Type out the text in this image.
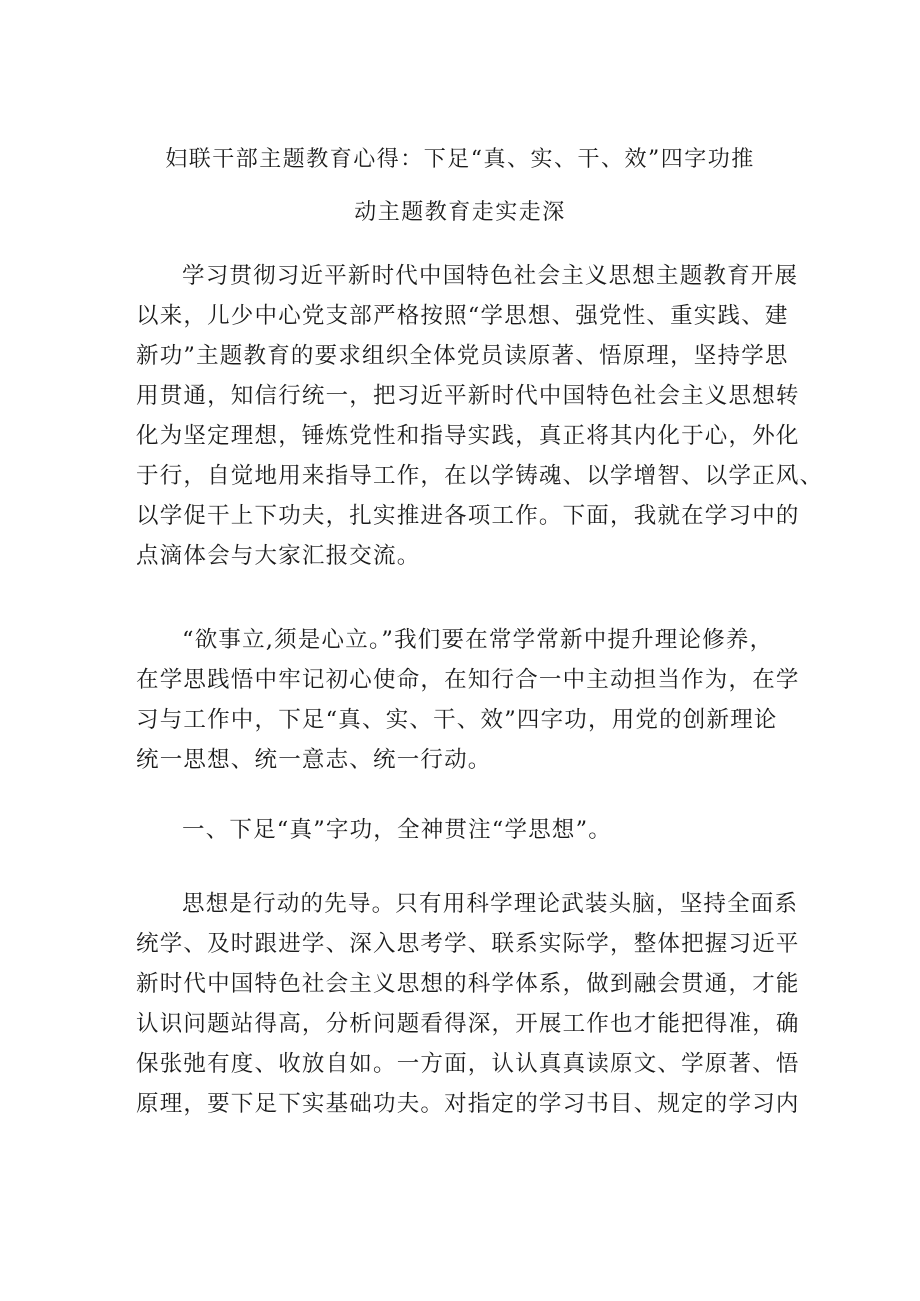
妇联干部主题教育心得：下足“真、实、干、效”四字功推
动主题教育走实走深
学习贯彻习近平新时代中国特色社会主义思想主题教育开展
以来，儿少中心党支部严格按照“学思想、强党性、重实践、建
新功”主题教育的要求组织全体党员读原著、悟原理，坚持学思
用贯通，知信行统一，把习近平新时代中国特色社会主义思想转
化为坚定理想，锤炼党性和指导实践，真正将其内化于心，外化
于行，自觉地用来指导工作，在以学铸魂、以学增智、以学正风、
以学促干上下功夫，扎实推进各项工作。下面，我就在学习中的
点滴体会与大家汇报交流。
“欲事立,须是心立。”我们要在常学常新中提升理论修养，
在学思践悟中牢记初心使命，在知行合一中主动担当作为，在学
习与工作中，下足“真、实、干、效”四字功，用党的创新理论
统一思想、统一意志、统一行动。
一、下足“真”字功，全神贯注“学思想”。
思想是行动的先导。只有用科学理论武装头脑，坚持全面系
统学、及时跟进学、深入思考学、联系实际学，整体把握习近平
新时代中国特色社会主义思想的科学体系，做到融会贯通，才能
认识问题站得高，分析问题看得深，开展工作也才能把得准，确
保张弛有度、收放自如。一方面，认认真真读原文、学原著、悟
原理，要下足下实基础功夫。对指定的学习书目、规定的学习内
